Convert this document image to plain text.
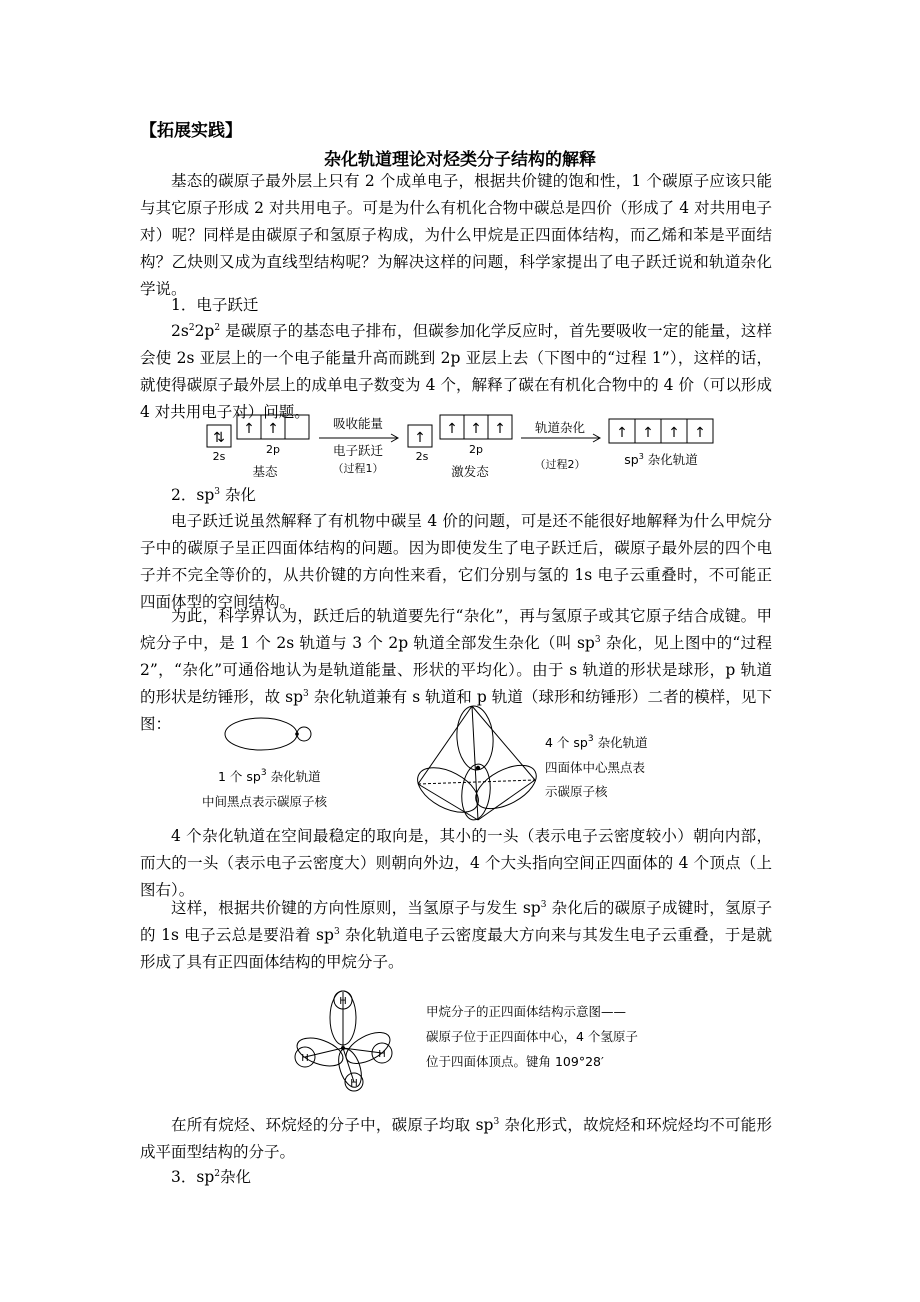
【拓展实践】
杂化轨道理论对烃类分子结构的解释

基态的碳原子最外层上只有 2 个成单电子，根据共价键的饱和性，1 个碳原子应该只能与其它原子形成 2 对共用电子。可是为什么有机化合物中碳总是四价（形成了 4 对共用电子对）呢？同样是由碳原子和氢原子构成，为什么甲烷是正四面体结构，而乙烯和苯是平面结构？乙炔则又成为直线型结构呢？为解决这样的问题，科学家提出了电子跃迁说和轨道杂化学说。

1．电子跃迁

$2s^22p^2$ 是碳原子的基态电子排布，但碳参加化学反应时，首先要吸收一定的能量，这样会使 2s 亚层上的一个电子能量升高而跳到 2p 亚层上去（下图中的“过程 1”），这样的话，就使得碳原子最外层上的成单电子数变为 4 个，解释了碳在有机化合物中的 4 价（可以形成 4 对共用电子对）问题。

⇅
↑ ↑
↑
↑ ↑ ↑	↑ ↑ ↑ ↑
2s
2p
基态
吸收能量
电子跃迁
（过程1）
2s
2p
激发态
轨道杂化
（过程2）	$sp^3$ 杂化轨道
2．$sp^3$ 杂化

电子跃迁说虽然解释了有机物中碳呈 4 价的问题，可是还不能很好地解释为什么甲烷分子中的碳原子呈正四面体结构的问题。因为即使发生了电子跃迁后，碳原子最外层的四个电子并不完全等价的，从共价键的方向性来看，它们分别与氢的 1s 电子云重叠时，不可能正四面体型的空间结构。

为此，科学界认为，跃迁后的轨道要先行“杂化”，再与氢原子或其它原子结合成键。甲烷分子中，是 1 个 2s 轨道与 3 个 2p 轨道全部发生杂化（叫 $sp^3$ 杂化，见上图中的“过程 2”，“杂化”可通俗地认为是轨道能量、形状的平均化）。由于 s 轨道的形状是球形，p 轨道的形状是纺锤形，故 $sp^3$ 杂化轨道兼有 s 轨道和 p 轨道（球形和纺锤形）二者的模样，见下图：

1 个 $sp^3$ 杂化轨道
中间黑点表示碳原子核
4 个 $sp^3$ 杂化轨道
四面体中心黑点表
示碳原子核

4 个杂化轨道在空间最稳定的取向是，其小的一头（表示电子云密度较小）朝向内部，而大的一头（表示电子云密度大）则朝向外边，4 个大头指向空间正四面体的 4 个顶点（上图右）。

这样，根据共价键的方向性原则，当氢原子与发生 $sp^3$ 杂化后的碳原子成键时，氢原子的 1s 电子云总是要沿着 $sp^3$ 杂化轨道电子云密度最大方向来与其发生电子云重叠，于是就形成了具有正四面体结构的甲烷分子。

H
H	H
H
甲烷分子的正四面体结构示意图——
碳原子位于正四面体中心，4 个氢原子
位于四面体顶点。键角 109°28′

在所有烷烃、环烷烃的分子中，碳原子均取 $sp^3$ 杂化形式，故烷烃和环烷烃均不可能形成平面型结构的分子。

3．$sp^2$杂化
